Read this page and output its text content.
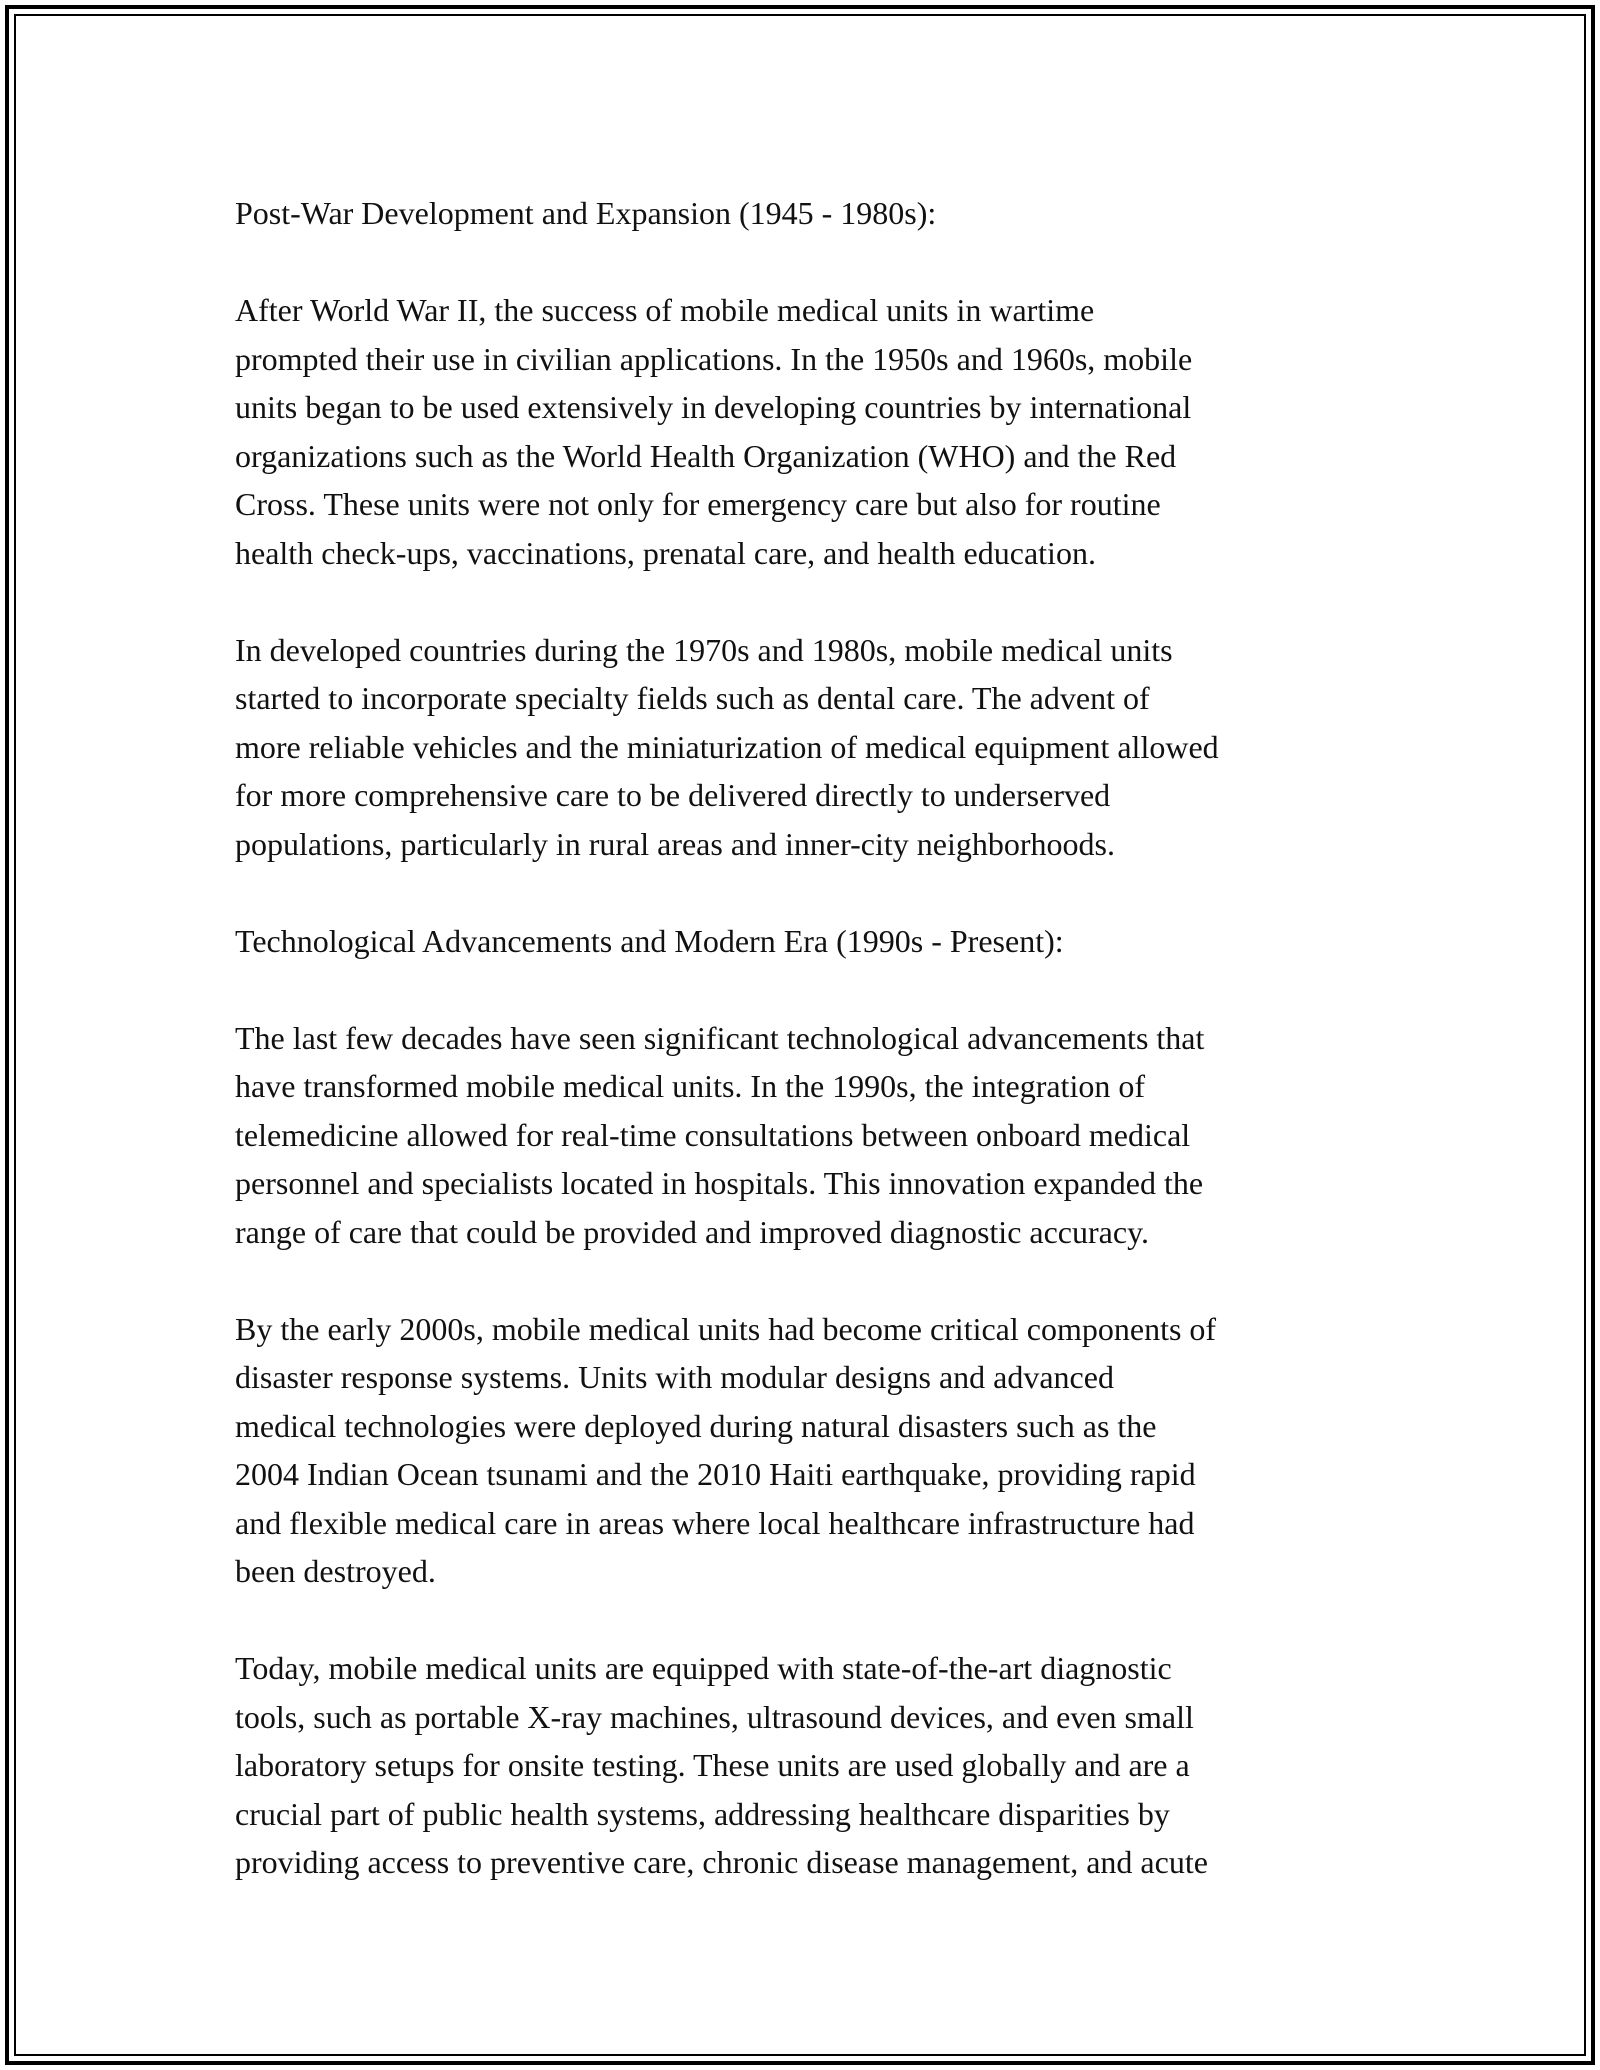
Post-War Development and Expansion (1945 - 1980s):

After World War II, the success of mobile medical units in wartime
prompted their use in civilian applications. In the 1950s and 1960s, mobile
units began to be used extensively in developing countries by international
organizations such as the World Health Organization (WHO) and the Red
Cross. These units were not only for emergency care but also for routine
health check-ups, vaccinations, prenatal care, and health education.

In developed countries during the 1970s and 1980s, mobile medical units
started to incorporate specialty fields such as dental care. The advent of
more reliable vehicles and the miniaturization of medical equipment allowed
for more comprehensive care to be delivered directly to underserved
populations, particularly in rural areas and inner-city neighborhoods.

Technological Advancements and Modern Era (1990s - Present):

The last few decades have seen significant technological advancements that
have transformed mobile medical units. In the 1990s, the integration of
telemedicine allowed for real-time consultations between onboard medical
personnel and specialists located in hospitals. This innovation expanded the
range of care that could be provided and improved diagnostic accuracy.

By the early 2000s, mobile medical units had become critical components of
disaster response systems. Units with modular designs and advanced
medical technologies were deployed during natural disasters such as the
2004 Indian Ocean tsunami and the 2010 Haiti earthquake, providing rapid
and flexible medical care in areas where local healthcare infrastructure had
been destroyed.

Today, mobile medical units are equipped with state-of-the-art diagnostic
tools, such as portable X-ray machines, ultrasound devices, and even small
laboratory setups for onsite testing. These units are used globally and are a
crucial part of public health systems, addressing healthcare disparities by
providing access to preventive care, chronic disease management, and acute
